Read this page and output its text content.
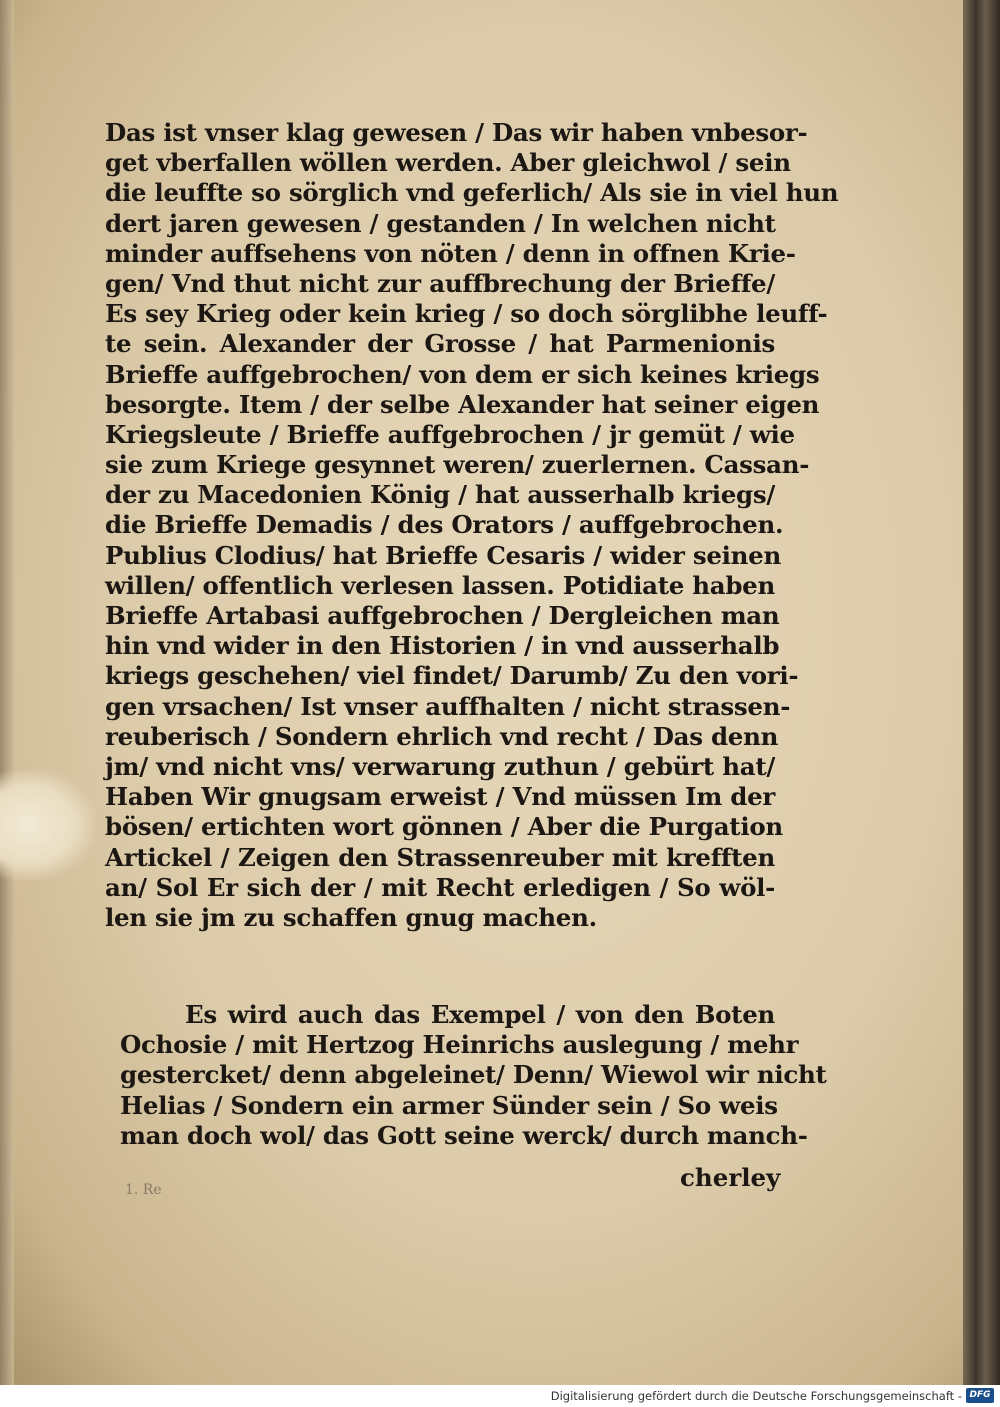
Das ist vnser klag gewesen / Das wir haben vnbesor-
get vberfallen wöllen werden. Aber gleichwol / sein
die leuffte so sörglich vnd geferlich/ Als sie in viel hun
dert jaren gewesen / gestanden / In welchen nicht
minder auffsehens von nöten / denn in offnen Krie-
gen/ Vnd thut nicht zur auffbrechung der Brieffe/
Es sey Krieg oder kein krieg / so doch sörglibhe leuff-
te sein. Alexander der Grosse / hat Parmenionis
Brieffe auffgebrochen/ von dem er sich keines kriegs
besorgte. Item / der selbe Alexander hat seiner eigen
Kriegsleute / Brieffe auffgebrochen / jr gemüt / wie
sie zum Kriege gesynnet weren/ zuerlernen. Cassan-
der zu Macedonien König / hat ausserhalb kriegs/
die Brieffe Demadis / des Orators / auffgebrochen.
Publius Clodius/ hat Brieffe Cesaris / wider seinen
willen/ offentlich verlesen lassen. Potidiate haben
Brieffe Artabasi auffgebrochen / Dergleichen man
hin vnd wider in den Historien / in vnd ausserhalb
kriegs geschehen/ viel findet/ Darumb/ Zu den vori-
gen vrsachen/ Ist vnser auffhalten / nicht strassen-
reuberisch / Sondern ehrlich vnd recht / Das denn
jm/ vnd nicht vns/ verwarung zuthun / gebürt hat/
Haben Wir gnugsam erweist / Vnd müssen Im der
bösen/ ertichten wort gönnen / Aber die Purgation
Artickel / Zeigen den Strassenreuber mit krefften
an/ Sol Er sich der / mit Recht erledigen / So wöl-
len sie jm zu schaffen gnug machen.
Es wird auch das Exempel / von den Boten
Ochosie / mit Hertzog Heinrichs auslegung / mehr
gestercket/ denn abgeleinet/ Denn/ Wiewol wir nicht
Helias / Sondern ein armer Sünder sein / So weis
man doch wol/ das Gott seine werck/ durch manch-
cherley
1. Re
Digitalisierung gefördert durch die Deutsche Forschungsgemeinschaft - DFG
